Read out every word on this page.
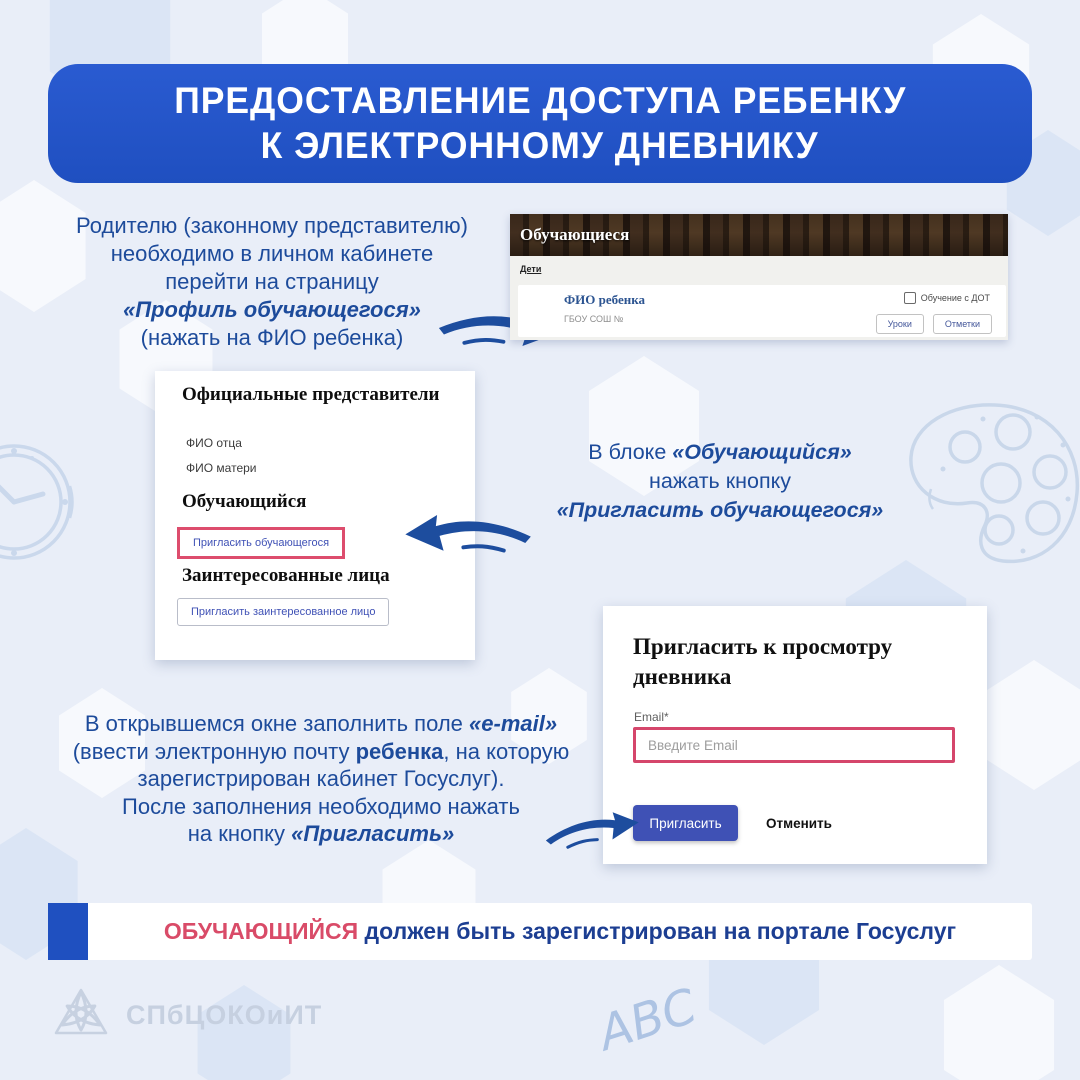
ПРЕДОСТАВЛЕНИЕ ДОСТУПА РЕБЕНКУ
К ЭЛЕКТРОННОМУ ДНЕВНИКУ
Родителю (законному представителю)
необходимо в личном кабинете
перейти на страницу
«Профиль обучающегося»
(нажать на ФИО ребенка)
Обучающиеся
Дети
ФИО ребенка
ГБОУ СОШ №
Обучение с ДОТ
Уроки	Отметки
Официальные представители
ФИО отца
ФИО матери
Обучающийся
Пригласить обучающегося
Заинтересованные лица
Пригласить заинтересованное лицо
В блоке «Обучающийся»
нажать кнопку
«Пригласить обучающегося»
Пригласить к просмотру
дневника
Email*
Введите Email
Пригласить	Отменить
В открывшемся окне заполнить поле «e-mail»
(ввести электронную почту ребенка, на которую
зарегистрирован кабинет Госуслуг).
После заполнения необходимо нажать
на кнопку «Пригласить»
ОБУЧАЮЩИЙСЯ должен быть зарегистрирован на портале Госуслуг
СПбЦОКОиИТ	ABC
